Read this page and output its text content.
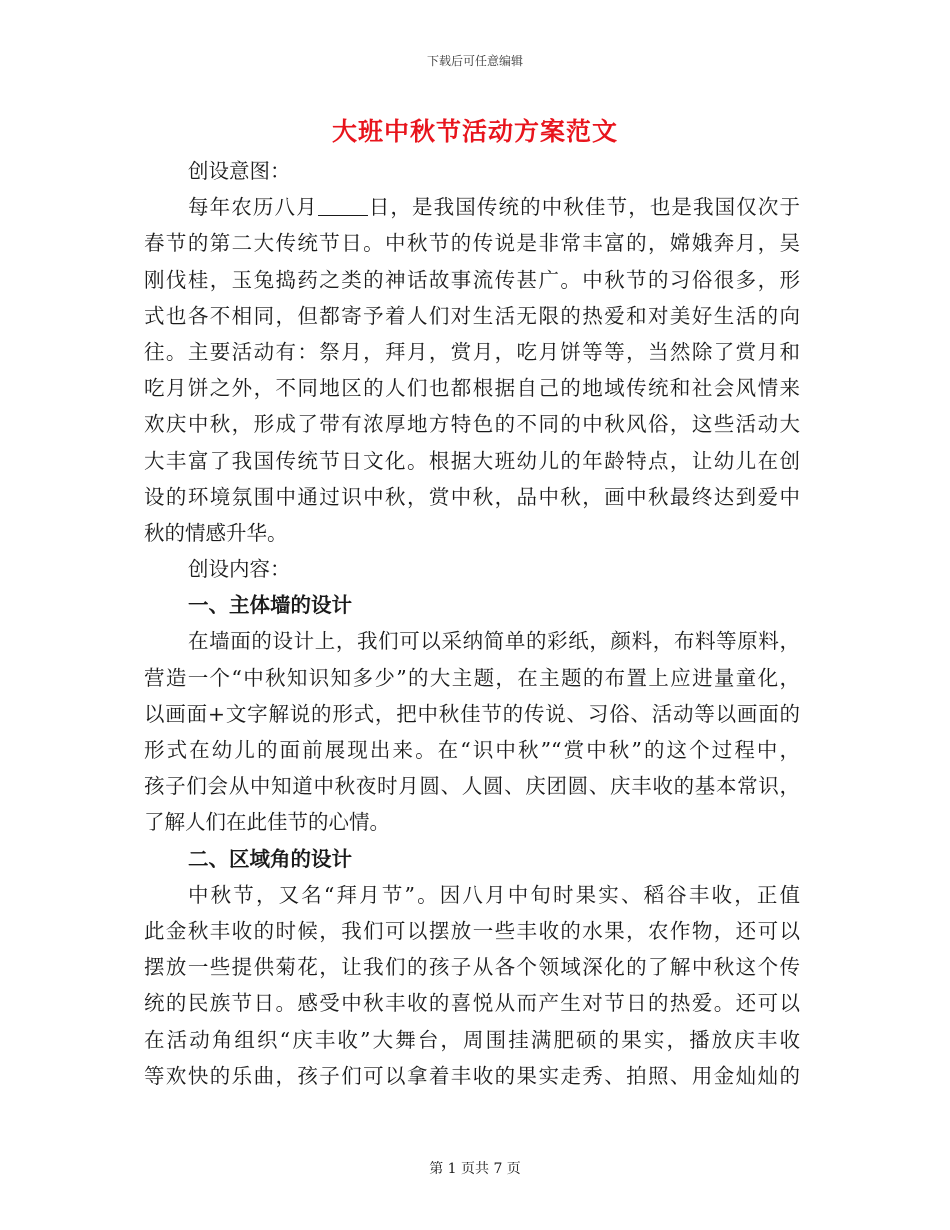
下载后可任意编辑
大班中秋节活动方案范文
创设意图：
每年农历八月 日，是我国传统的中秋佳节，也是我国仅次于
春节的第二大传统节日。中秋节的传说是非常丰富的，嫦娥奔月，吴
刚伐桂，玉兔捣药之类的神话故事流传甚广。中秋节的习俗很多，形
式也各不相同，但都寄予着人们对生活无限的热爱和对美好生活的向
往。主要活动有：祭月，拜月，赏月，吃月饼等等，当然除了赏月和
吃月饼之外，不同地区的人们也都根据自己的地域传统和社会风情来
欢庆中秋，形成了带有浓厚地方特色的不同的中秋风俗，这些活动大
大丰富了我国传统节日文化。根据大班幼儿的年龄特点，让幼儿在创
设的环境氛围中通过识中秋，赏中秋，品中秋，画中秋最终达到爱中
秋的情感升华。
创设内容：
一、主体墙的设计
在墙面的设计上，我们可以采纳简单的彩纸，颜料，布料等原料，
营造一个“中秋知识知多少”的大主题，在主题的布置上应进量童化，
以画面+文字解说的形式，把中秋佳节的传说、习俗、活动等以画面的
形式在幼儿的面前展现出来。在“识中秋”“赏中秋”的这个过程中，
孩子们会从中知道中秋夜时月圆、人圆、庆团圆、庆丰收的基本常识，
了解人们在此佳节的心情。
二、区域角的设计
中秋节，又名“拜月节”。因八月中旬时果实、稻谷丰收，正值
此金秋丰收的时候，我们可以摆放一些丰收的水果，农作物，还可以
摆放一些提供菊花，让我们的孩子从各个领域深化的了解中秋这个传
统的民族节日。感受中秋丰收的喜悦从而产生对节日的热爱。还可以
在活动角组织“庆丰收”大舞台，周围挂满肥硕的果实，播放庆丰收
等欢快的乐曲，孩子们可以拿着丰收的果实走秀、拍照、用金灿灿的
第 1 页共 7 页
